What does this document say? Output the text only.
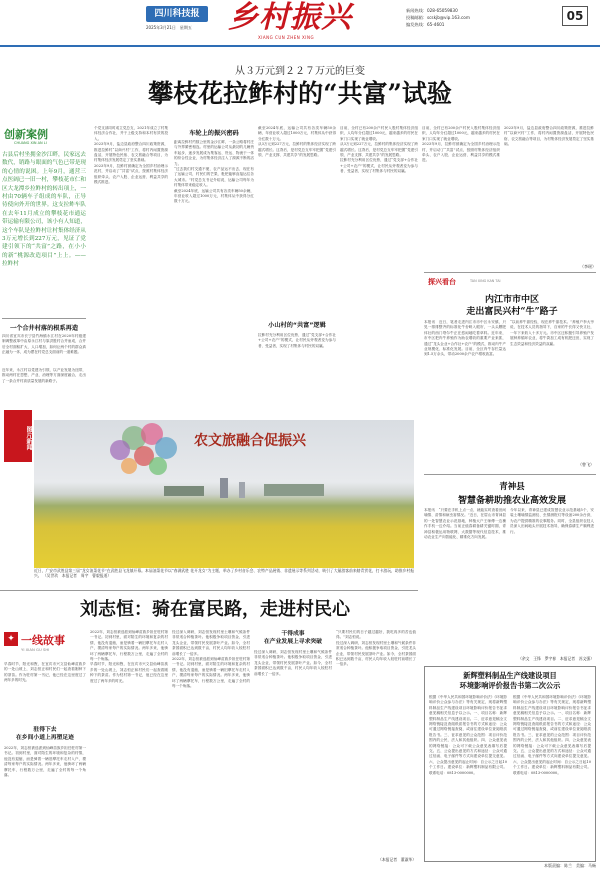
四川科技报
2025年3月21日　星期五	乡村振兴
XIANG CUN ZHEN XING
新闻热线：028-65059830
投稿邮箱：scskjb@vip.163.com
编发热线：65-4601
05
从３万元到２２７万元的巨变
攀枝花拉鲊村的“共富”试验
创新案例
CHUANG XIN AN LI
古县后村坐拥金沙江畔，民家远去数代，销路与眼面的气色已带是现的心情的说困。上年9月，通营三点医阔已一旧一村，攀枝花市仁和区大龙潭乡拉鲊村的转出项上，一村由70辆车子组成的车队，正导待使向外开的世界。这支拉鲊车队在去年11月成立的攀枝花市通运带运输有限公司，该小有人知道，这个车队是拉鲊村让村集体经济从3万元增长到227万元，见证了党建引领下的“共富”之路，在小小的新“桃源改造项目”上上。——拉鲊村
一个合井村落的根系再造
四川省宜宾市长宁县竹海镇永江村在2020年村级建制调整改革中由原永江村与原洪胜村合并而成，合并后全村面积扩大、人口增加，如何让两个村的群众真正融为一体，成为摆在村党总支面前的一道难题。
近年来，永江村以党建为引领，以产业发展为纽带，推动两村在思想、产业、治理等方面深度融合，走出了一条合并村高质量发展的新路子。
个党支部同时成立党总支，2021年成立了村集体经济合作社，并于上级支持和本村有效的投入。
2023年9月，盐边县政府整合四川政策资源，推进拉鲊村“以商兴村”工作，将村内闲置资源盘活，开展特色民宿、农文旅融合等项目，为村集体经济发展奠定了坚实基础。
2023年9月，拉鲊村被确定为全国乡村治理示范村，并启动了“共富”试点，按照村集体经济组织牵头、农户入股、企业运营、利益共享的模式推进。
车轮上的振兴密码
距离拉鲊村约数公里的金沙江畔，一条公路将村庄与外界紧密相连。村里的运输公司从最初的几辆货车起步，逐步发展成为集客运、货运、物流于一体的综合性企业，为村集体经济注入了源源不断的活力。
“过去我们村交通不便，农产品运不出去，现在有了运输公司，村民们的芒果、枇杷能够直接运往各大城市。”村党总支书记介绍说，运输公司每年为村集体带来稳定收入。
截至2024年底，运输公司共有各类车辆50余辆，年营业收入超过1000万元，村集体从中获得分红数十万元。
截至2024年底，运输公司共有各类车辆50余辆，年营业收入超过1000万元，村集体从中获得分红数十万元。
从3万元到227万元，拉鲊村的集体经济实现了跨越式增长。这背后，是村党总支牢牢把握“党建引领、产业支撑、共建共享”的发展思路。
小山村的“共富”逻辑
拉鲊村充分利用区位优势，通过“党支部+合作社+公司+农户”的模式，让村民从旁观者变为参与者、受益者，实现了村集体与村民的双赢。
目前，全村已有200余户村民入股村集体经济组织，人均年分红超过1000元，越来越多的村民在家门口实现了就业增收。
从3万元到227万元，拉鲊村的集体经济实现了跨越式增长。这背后，是村党总支牢牢把握“党建引领、产业支撑、共建共享”的发展思路。
拉鲊村充分利用区位优势，通过“党支部+合作社+公司+农户”的模式，让村民从旁观者变为参与者、受益者，实现了村集体与村民的双赢。
目前，全村已有200余户村民入股村集体经济组织，人均年分红超过1000元，越来越多的村民在家门口实现了就业增收。
2023年9月，拉鲊村被确定为全国乡村治理示范村，并启动了“共富”试点，按照村集体经济组织牵头、农户入股、企业运营、利益共享的模式推进。
2023年9月，盐边县政府整合四川政策资源，推进拉鲊村“以商兴村”工作，将村内闲置资源盘活，开展特色民宿、农文旅融合等项目，为村集体经济发展奠定了坚实基础。
（李瑶）
探兴看台	TAN XING KAN TAI
内江市市中区
走出富民兴村“牛”路子
本报讯　近日，笔者走进内江市市中区永安镇，只见一排排整齐的标准化牛舍映入眼帘，一头头膘肥体壮的西门塔尔牛正在悠闲地吃着草料。近年来，市中区把肉牛养殖作为助农增收的重要产业来抓，通过“龙头企业+合作社+农户”的模式，推动肉牛产业规模化、标准化发展。目前，全区肉牛存栏量达到1.5万余头，带动2000余户农户增收致富。
“以前养牛靠经验，现在养牛靠技术。”养殖户李大爷说，在技术人员的指导下，自家的牛长得又快又壮，一年下来收入十多万元。市中区还积极引导养殖户发展种养循环农业，将牛粪加工成有机肥还田，实现了生态效益和经济效益的双赢。
（曾飞）
图片新闻	农文旅融合促振兴
近日，广安市武胜县第三届“龙女油菜花节”在武胜县飞龙镇开幕。本届油菜花节以“春满武胜 花开龙女”为主题，举办了乡村音乐会、农特产品展销、非遗展示等系列活动，吸引了大量游客前来踏青赏花，打卡游玩，助推乡村振兴。 （吴世玖　本报记者　周宇　曹毅报道）
青神县
智慧备耕助推农业高效发展
本报讯　“只要在手机上点一点，就能实时查看田间墒情、苗情和病虫害情况。”近日，在眉山市青神县的一处智慧农业示范基地，种植大户王师傅一边操作手机一边介绍。当前正值春耕备耕关键时期，青神县积极运用物联网、大数据等现代信息技术，推动农业生产向智能化、精准化方向发展。
今年以来，青神县已建成智慧农业示范基地5个，安装土壤墒情监测仪、虫情测报灯等设备200余台套，为农户提供精准的农事服务。同时，全县组织农技人员深入田间地头开展技术指导，确保春耕生产顺利进行。
（余文　王锋　罗宇春　本报记者　苏文强）
刘志恒：骑在富民路，走进村民心
✦ 一线故事
YI XIAN GU SHI
早春时节，阳光和煦，在宜宾市兴文县仙峰苗族乡的一处山坡上，刘志恒正和村民们一起查看刚种下的茶苗。作为驻村第一书记，他已经在这里度过了两年多的时光。
驻得下去
在乡间小道上再塑足迹
2022年，刘志恒被选派到仙峰苗族乡担任驻村第一书记。初到村里，面对陌生的环境和复杂的村情，他没有退缩，而是骑着一辆旧摩托车走村入户，摸清每家每户的实际情况。两年多来，他骑坏了两辆摩托车，行程数万公里，走遍了全村的每一个角落。
2022年，刘志恒被选派到仙峰苗族乡担任驻村第一书记。初到村里，面对陌生的环境和复杂的村情，他没有退缩，而是骑着一辆旧摩托车走村入户，摸清每家每户的实际情况。两年多来，他骑坏了两辆摩托车，行程数万公里，走遍了全村的每一个角落。
早春时节，阳光和煦，在宜宾市兴文县仙峰苗族乡的一处山坡上，刘志恒正和村民们一起查看刚种下的茶苗。作为驻村第一书记，他已经在这里度过了两年多的时光。
经过深入调研，刘志恒发现村里土壤和气候条件非常适合种植茶叶。他积极争取项目资金，引进龙头企业，带领村民发展茶叶产业。如今，全村茶园面积已达到数千亩，村民人均年收入较驻村前增长了一倍多。
2022年，刘志恒被选派到仙峰苗族乡担任驻村第一书记。初到村里，面对陌生的环境和复杂的村情，他没有退缩，而是骑着一辆旧摩托车走村入户，摸清每家每户的实际情况。两年多来，他骑坏了两辆摩托车，行程数万公里，走遍了全村的每一个角落。
干得成事
在产业发展上寻求突破
经过深入调研，刘志恒发现村里土壤和气候条件非常适合种植茶叶。他积极争取项目资金，引进龙头企业，带领村民发展茶叶产业。如今，全村茶园面积已达到数千亩，村民人均年收入较驻村前增长了一倍多。
“只要村民们的日子越过越好，我吃再多的苦也值得。”刘志恒说。
经过深入调研，刘志恒发现村里土壤和气候条件非常适合种植茶叶。他积极争取项目资金，引进龙头企业，带领村民发展茶叶产业。如今，全村茶园面积已达到数千亩，村民人均年收入较驻村前增长了一倍多。
（本报记者　董淑华）
新辉塑料制品生产线建设项目
环境影响评价报告书第二次公示
根据《中华人民共和国环境影响评价法》《环境影响评价公众参与办法》等有关规定，现将新辉塑料制品生产线建设项目环境影响评价报告书征求意见稿相关信息予以公示。一、项目名称：新辉塑料制品生产线建设项目。二、征求意见稿全文网络链接及查阅纸质报告书的方式和途径：公众可通过网络链接查阅，或前往建设单位查阅纸质报告书。三、征求意见的公众范围：项目评价范围内的公民、法人和其他组织。四、公众意见表的网络链接：公众可下载公众意见表填写后提交。五、公众提出意见的方式和途径：公众可通过信函、电子邮件等方式向建设单位提交意见。六、公众提出意见的起止时间：自公示之日起10个工作日。建设单位：新辉塑料制品有限公司。联系电话：0813-0000000。
根据《中华人民共和国环境影响评价法》《环境影响评价公众参与办法》等有关规定，现将新辉塑料制品生产线建设项目环境影响评价报告书征求意见稿相关信息予以公示。一、项目名称：新辉塑料制品生产线建设项目。二、征求意见稿全文网络链接及查阅纸质报告书的方式和途径：公众可通过网络链接查阅，或前往建设单位查阅纸质报告书。三、征求意见的公众范围：项目评价范围内的公民、法人和其他组织。四、公众意见表的网络链接：公众可下载公众意见表填写后提交。五、公众提出意见的方式和途径：公众可通过信函、电子邮件等方式向建设单位提交意见。六、公众提出意见的起止时间：自公示之日起10个工作日。建设单位：新辉塑料制品有限公司。联系电话：0813-0000000。
本版责编：陈兰　美编：马畅
